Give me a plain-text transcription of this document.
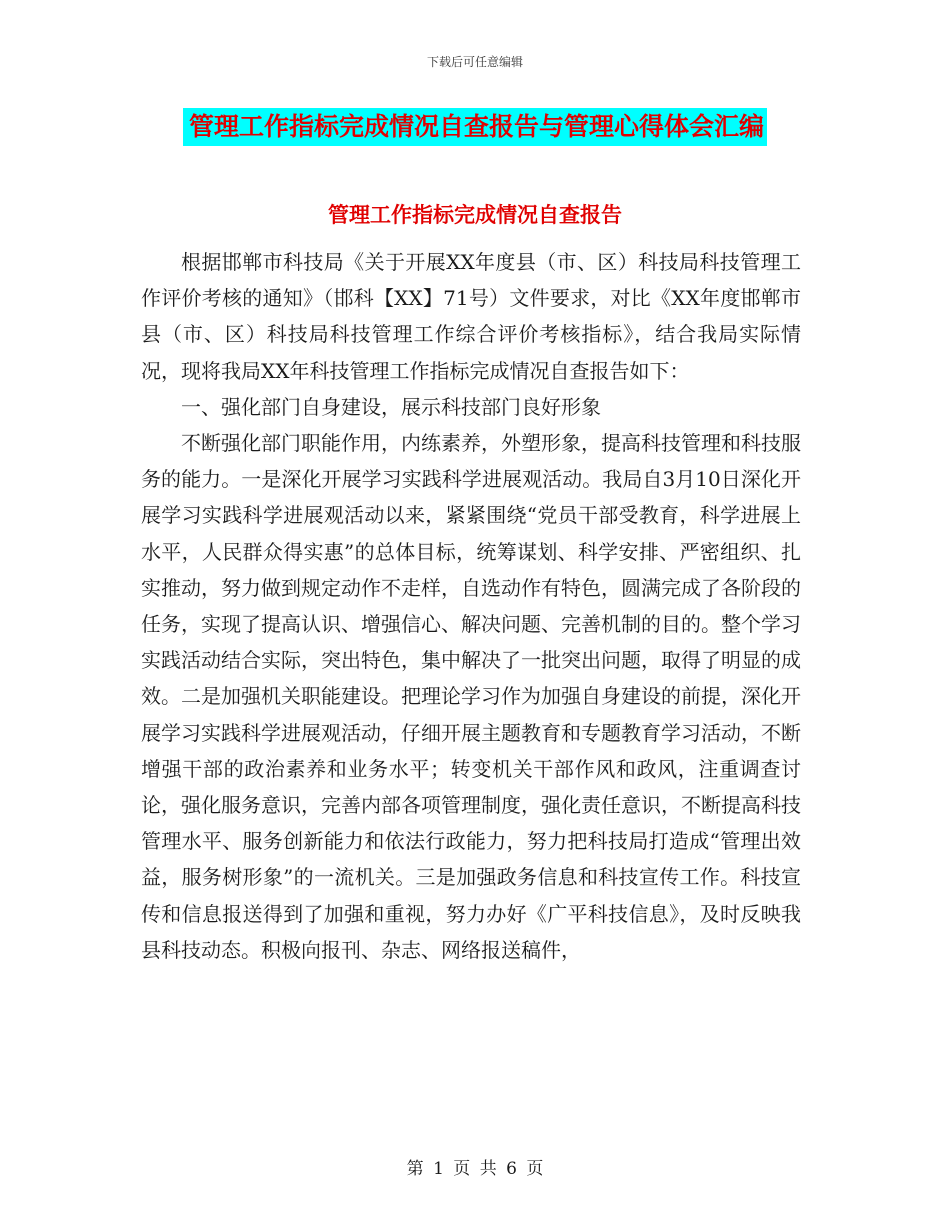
下载后可任意编辑
管理工作指标完成情况自查报告与管理心得体会汇编
管理工作指标完成情况自查报告

根据邯郸市科技局《关于开展XX年度县（市、区）科技局科技管理工作评价考核的通知》（邯科【XX】71号）文件要求，对比《XX年度邯郸市县（市、区）科技局科技管理工作综合评价考核指标》，结合我局实际情况，现将我局XX年科技管理工作指标完成情况自查报告如下：

一、强化部门自身建设，展示科技部门良好形象

不断强化部门职能作用，内练素养，外塑形象，提高科技管理和科技服务的能力。一是深化开展学习实践科学进展观活动。我局自3月10日深化开展学习实践科学进展观活动以来，紧紧围绕“党员干部受教育，科学进展上水平，人民群众得实惠”的总体目标，统筹谋划、科学安排、严密组织、扎实推动，努力做到规定动作不走样，自选动作有特色，圆满完成了各阶段的任务，实现了提高认识、增强信心、解决问题、完善机制的目的。整个学习实践活动结合实际，突出特色，集中解决了一批突出问题，取得了明显的成效。二是加强机关职能建设。把理论学习作为加强自身建设的前提，深化开展学习实践科学进展观活动，仔细开展主题教育和专题教育学习活动，不断增强干部的政治素养和业务水平；转变机关干部作风和政风，注重调查讨论，强化服务意识，完善内部各项管理制度，强化责任意识，不断提高科技管理水平、服务创新能力和依法行政能力，努力把科技局打造成“管理出效益，服务树形象”的一流机关。三是加强政务信息和科技宣传工作。科技宣传和信息报送得到了加强和重视，努力办好《广平科技信息》，及时反映我县科技动态。积极向报刊、杂志、网络报送稿件，

第 1 页 共 6 页
